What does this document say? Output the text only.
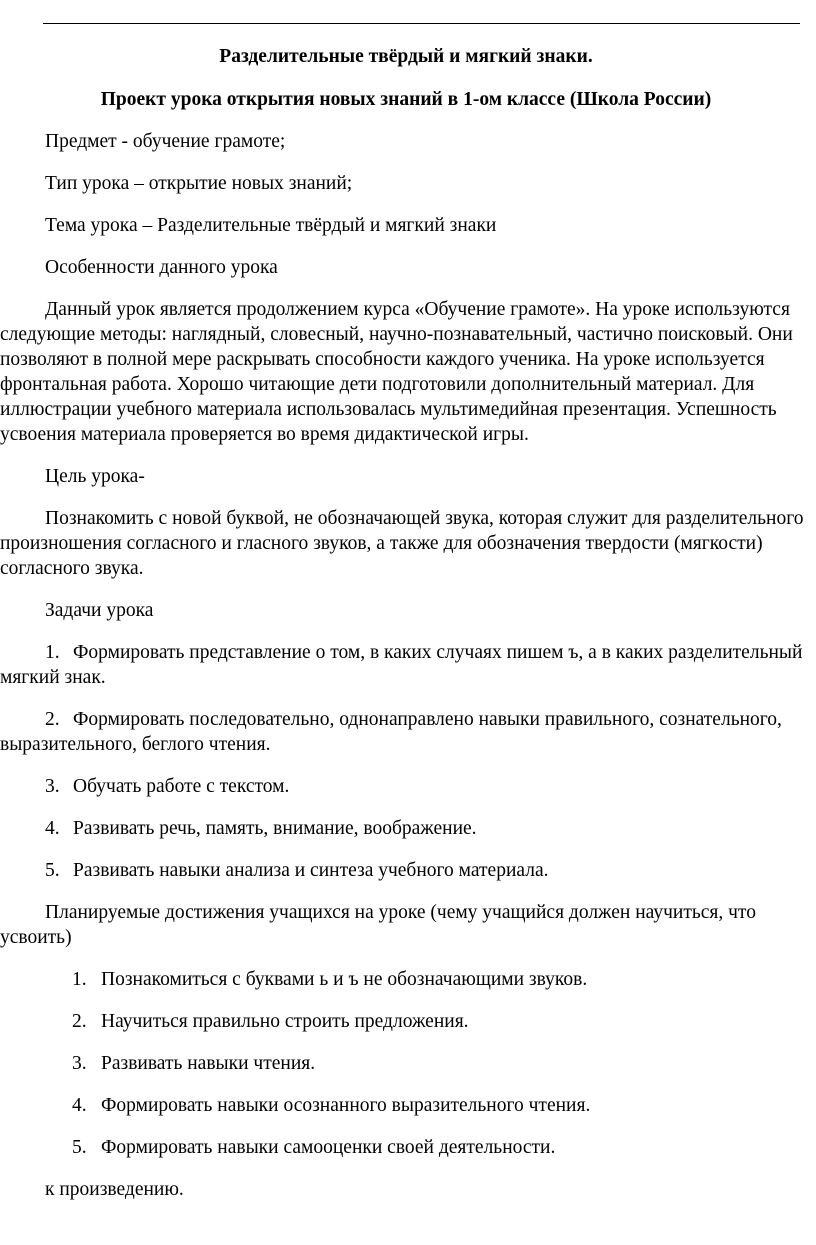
Разделительные твёрдый и мягкий знаки.

Проект урока открытия новых знаний в 1-ом классе (Школа России)

Предмет - обучение грамоте;

Тип урока – открытие новых знаний;

Тема урока – Разделительные твёрдый и мягкий знаки

Особенности данного урока

Данный урок является продолжением курса «Обучение грамоте». На уроке используются следующие методы: наглядный, словесный, научно-познавательный, частично поисковый. Они позволяют в полной мере раскрывать способности каждого ученика. На уроке используется фронтальная работа. Хорошо читающие дети подготовили дополнительный материал. Для иллюстрации учебного материала использовалась мультимедийная презентация. Успешность усвоения материала проверяется во время дидактической игры.

Цель урока-

Познакомить с новой буквой, не обозначающей звука, которая служит для разделительного произношения согласного и гласного звуков, а также для обозначения твердости (мягкости) согласного звука.

Задачи урока

1. Формировать представление о том, в каких случаях пишем ъ, а в каких разделительный мягкий знак.
2. Формировать последовательно, однонаправлено навыки правильного, сознательного, выразительного, беглого чтения.
3. Обучать работе с текстом.
4. Развивать речь, память, внимание, воображение.
5. Развивать навыки анализа и синтеза учебного материала.

Планируемые достижения учащихся на уроке (чему учащийся должен научиться, что усвоить)

1. Познакомиться с буквами ь и ъ не обозначающими звуков.
2. Научиться правильно строить предложения.
3. Развивать навыки чтения.
4. Формировать навыки осознанного выразительного чтения.
5. Формировать навыки самооценки своей деятельности.

к произведению.
